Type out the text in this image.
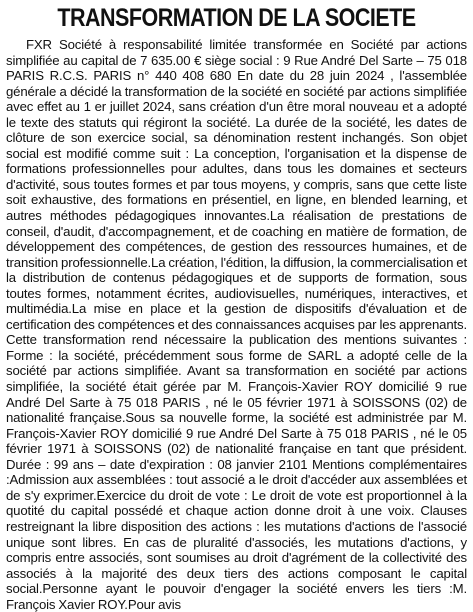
TRANSFORMATION DE LA SOCIETE

FXR Société à responsabilité limitée transformée en Société par actions simplifiée au capital de 7 635.00 € siège social : 9 Rue André Del Sarte – 75 018 PARIS R.C.S. PARIS n° 440 408 680 En date du 28 juin 2024 , l'assemblée générale a décidé la transformation de la société en société par actions simplifiée avec effet au 1 er juillet 2024, sans création d'un être moral nouveau et a adopté le texte des statuts qui régiront la société. La durée de la société, les dates de clôture de son exercice social, sa dénomination restent inchangés. Son objet social est modifié comme suit : La conception, l'organisation et la dispense de formations professionnelles pour adultes, dans tous les domaines et secteurs d'activité, sous toutes formes et par tous moyens, y compris, sans que cette liste soit exhaustive, des formations en présentiel, en ligne, en blended learning, et autres méthodes pédagogiques innovantes.La réalisation de prestations de conseil, d'audit, d'accompagnement, et de coaching en matière de formation, de développement des compétences, de gestion des ressources humaines, et de transition professionnelle.La création, l'édition, la diffusion, la commercialisation et la distribution de contenus pédagogiques et de supports de formation, sous toutes formes, notamment écrites, audiovisuelles, numériques, interactives, et multimédia.La mise en place et la gestion de dispositifs d'évaluation et de certification des compétences et des connaissances acquises par les apprenants. Cette transformation rend nécessaire la publication des mentions suivantes : Forme : la société, précédemment sous forme de SARL a adopté celle de la société par actions simplifiée. Avant sa transformation en société par actions simplifiée, la société était gérée par M. François-Xavier ROY domicilié 9 rue André Del Sarte à 75 018 PARIS , né le 05 février 1971 à SOISSONS (02) de nationalité française.Sous sa nouvelle forme, la société est administrée par M. François-Xavier ROY domicilié 9 rue André Del Sarte à 75 018 PARIS , né le 05 février 1971 à SOISSONS (02) de nationalité française en tant que président. Durée : 99 ans – date d'expiration : 08 janvier 2101 Mentions complémentaires :Admission aux assemblées : tout associé a le droit d'accéder aux assemblées et de s'y exprimer.Exercice du droit de vote : Le droit de vote est proportionnel à la quotité du capital possédé et chaque action donne droit à une voix. Clauses restreignant la libre disposition des actions : les mutations d'actions de l'associé unique sont libres. En cas de pluralité d'associés, les mutations d'actions, y compris entre associés, sont soumises au droit d'agrément de la collectivité des associés à la majorité des deux tiers des actions composant le capital social.Personne ayant le pouvoir d'engager la société envers les tiers :M. François Xavier ROY.Pour avis
